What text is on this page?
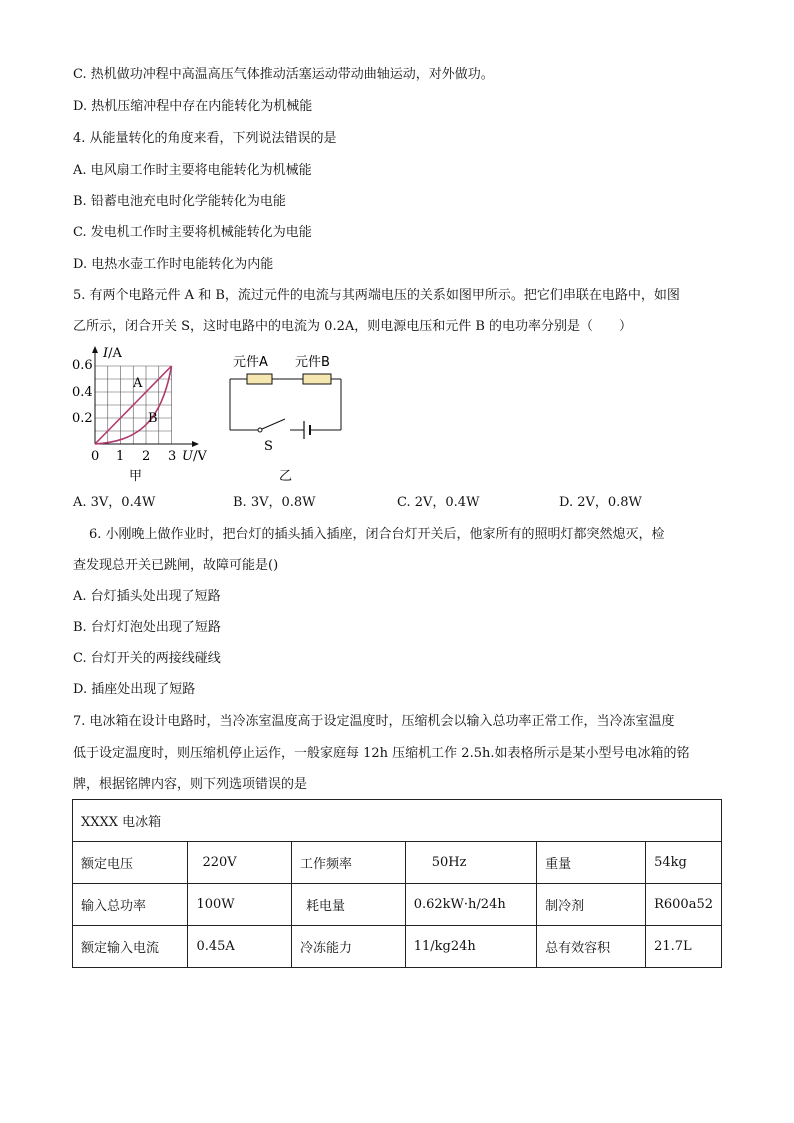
C. 热机做功冲程中高温高压气体推动活塞运动带动曲轴运动，对外做功。
D. 热机压缩冲程中存在内能转化为机械能
4. 从能量转化的角度来看，下列说法错误的是
A. 电风扇工作时主要将电能转化为机械能
B. 铅蓄电池充电时化学能转化为电能
C. 发电机工作时主要将机械能转化为电能
D. 电热水壶工作时电能转化为内能
5. 有两个电路元件 A 和 B，流过元件的电流与其两端电压的关系如图甲所示。把它们串联在电路中，如图
乙所示，闭合开关 S，这时电路中的电流为 0.2A，则电源电压和元件 B 的电功率分别是（　　）
I/A
U/V
0.6
0.4
0.2
0 1 2 3
A
B
甲
元件A 元件B
S
乙
A. 3V，0.4W	B. 3V，0.8W	C. 2V，0.4W	D. 2V，0.8W
6. 小刚晚上做作业时，把台灯的插头插入插座，闭合台灯开关后，他家所有的照明灯都突然熄灭，检
查发现总开关已跳闸，故障可能是()
A. 台灯插头处出现了短路
B. 台灯灯泡处出现了短路
C. 台灯开关的两接线碰线
D. 插座处出现了短路
7. 电冰箱在设计电路时，当冷冻室温度高于设定温度时，压缩机会以输入总功率正常工作，当冷冻室温度
低于设定温度时，则压缩机停止运作，一般家庭每 12h 压缩机工作 2.5h.如表格所示是某小型号电冰箱的铭
牌，根据铭牌内容，则下列选项错误的是
XXXX 电冰箱					
额定电压	220V	工作频率	50Hz	重量	54kg
输入总功率	100W	耗电量	0.62kW·h/24h	制冷剂	R600a52
额定输入电流	0.45A	冷冻能力	11/kg24h	总有效容积	21.7L
